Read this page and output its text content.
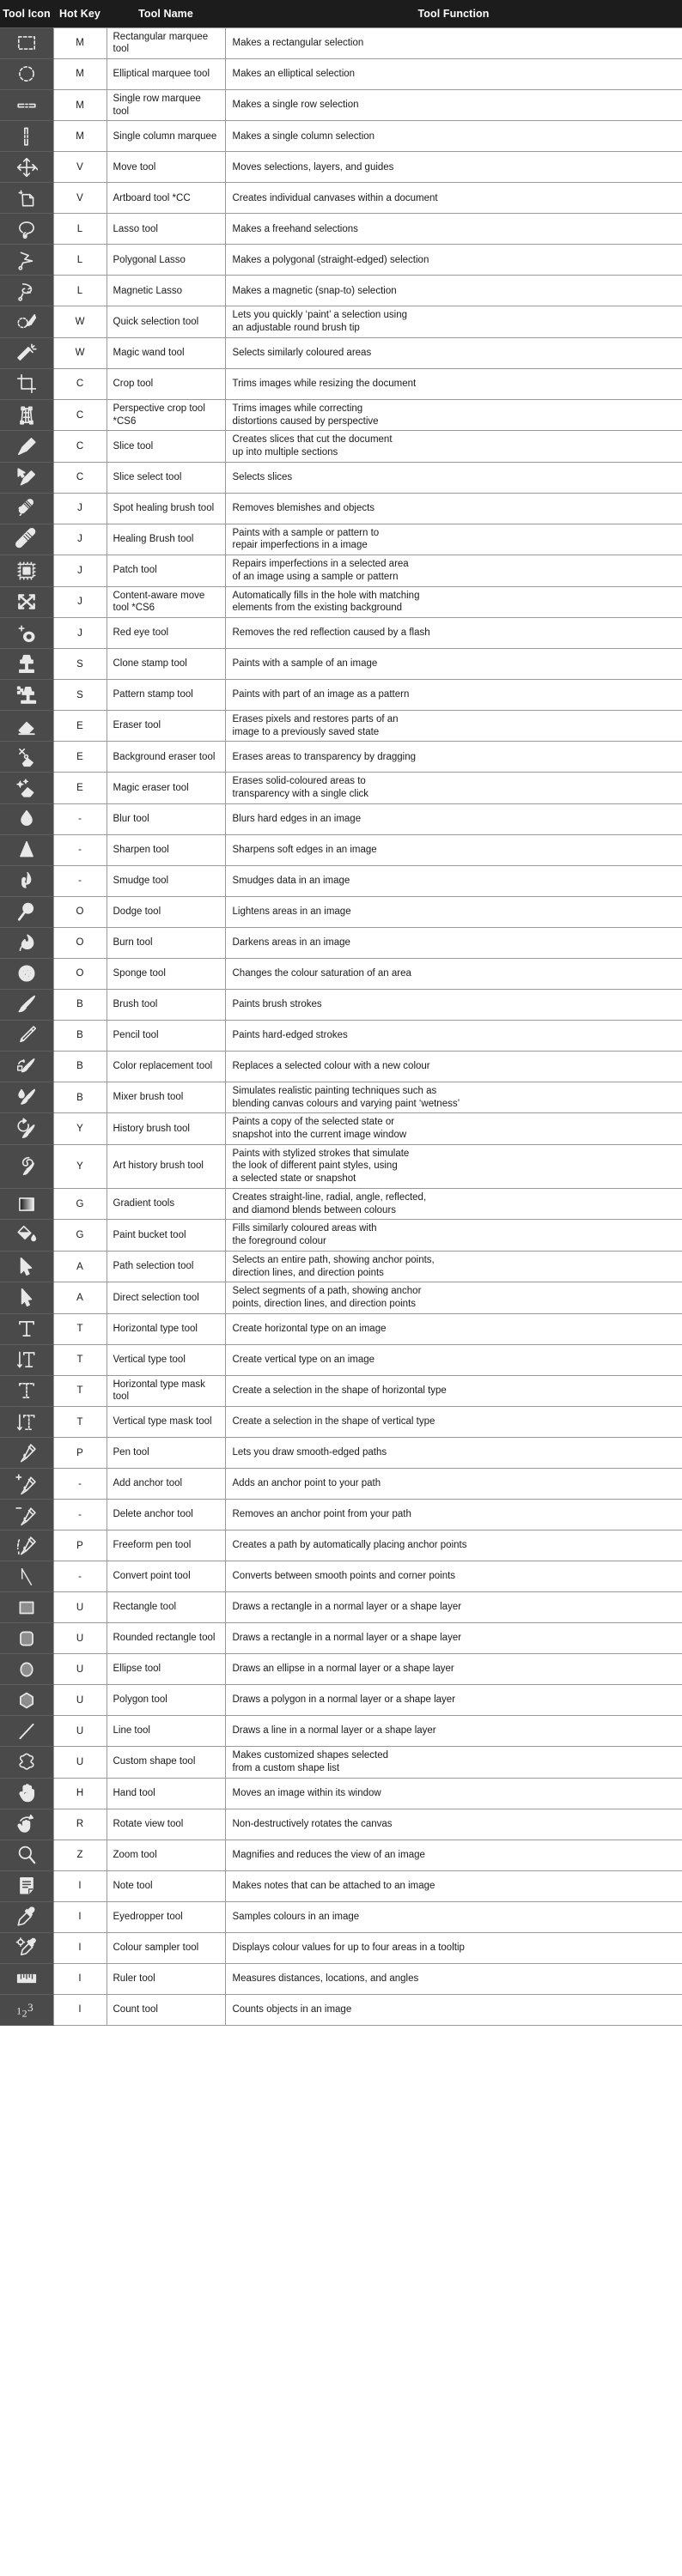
Tool Icon	Hot Key	Tool Name	Tool Function
	M	Rectangular marquee tool	Makes a rectangular selection

	M	Elliptical marquee tool	Makes an elliptical selection

	M	Single row marquee tool	Makes a single row selection

	M	Single column marquee	Makes a single column selection

	V	Move tool	Moves selections, layers, and guides

	V	Artboard tool *CC	Creates individual canvases within a document

	L	Lasso tool	Makes a freehand selections

	L	Polygonal Lasso	Makes a polygonal (straight-edged) selection

	L	Magnetic Lasso	Makes a magnetic (snap-to) selection

	W	Quick selection tool	Lets you quickly ‘paint’ a selection using
an adjustable round brush tip

	W	Magic wand tool	Selects similarly coloured areas

	C	Crop tool	Trims images while resizing the document

	C	Perspective crop tool *CS6	Trims images while correcting
distortions caused by perspective

	C	Slice tool	Creates slices that cut the document
up into multiple sections

	C	Slice select tool	Selects slices

	J	Spot healing brush tool	Removes blemishes and objects

	J	Healing Brush tool	Paints with a sample or pattern to
repair imperfections in a image

	J	Patch tool	Repairs imperfections in a selected area
of an image using a sample or pattern

	J	Content-aware move tool *CS6	Automatically fills in the hole with matching
elements from the existing background

	J	Red eye tool	Removes the red reflection caused by a flash

	S	Clone stamp tool	Paints with a sample of an image

	S	Pattern stamp tool	Paints with part of an image as a pattern

	E	Eraser tool	Erases pixels and restores parts of an
image to a previously saved state

	E	Background eraser tool	Erases areas to transparency by dragging

	E	Magic eraser tool	Erases solid-coloured areas to
transparency with a single click

	-	Blur tool	Blurs hard edges in an image

	-	Sharpen tool	Sharpens soft edges in an image

	-	Smudge tool	Smudges data in an image

	O	Dodge tool	Lightens areas in an image

	O	Burn tool	Darkens areas in an image

	O	Sponge tool	Changes the colour saturation of an area

	B	Brush tool	Paints brush strokes

	B	Pencil tool	Paints hard-edged strokes

	B	Color replacement tool	Replaces a selected colour with a new colour

	B	Mixer brush tool	Simulates realistic painting techniques such as
blending canvas colours and varying paint ‘wetness’

	Y	History brush tool	Paints a copy of the selected state or
snapshot into the current image window

	Y	Art history brush tool	Paints with stylized strokes that simulate
the look of different paint styles, using
a selected state or snapshot

	G	Gradient tools	Creates straight-line, radial, angle, reflected,
and diamond blends between colours

	G	Paint bucket tool	Fills similarly coloured areas with
the foreground colour

	A	Path selection tool	Selects an entire path, showing anchor points,
direction lines, and direction points

	A	Direct selection tool	Select segments of a path, showing anchor
points, direction lines, and direction points

	T	Horizontal type tool	Create horizontal type on an image

	T	Vertical type tool	Create vertical type on an image

	T	Horizontal type mask tool	Create a selection in the shape of horizontal type

	T	Vertical type mask tool	Create a selection in the shape of vertical type

	P	Pen tool	Lets you draw smooth-edged paths

	-	Add anchor tool	Adds an anchor point to your path

	-	Delete anchor tool	Removes an anchor point from your path

	P	Freeform pen tool	Creates a path by automatically placing anchor points

	-	Convert point tool	Converts between smooth points and corner points

	U	Rectangle tool	Draws a rectangle in a normal layer or a shape layer

	U	Rounded rectangle tool	Draws a rectangle in a normal layer or a shape layer

	U	Ellipse tool	Draws an ellipse in a normal layer or a shape layer

	U	Polygon tool	Draws a polygon in a normal layer or a shape layer

	U	Line tool	Draws a line in a normal layer or a shape layer

	U	Custom shape tool	Makes customized shapes selected
from a custom shape list

	H	Hand tool	Moves an image within its window

	R	Rotate view tool	Non-destructively rotates the canvas

	Z	Zoom tool	Magnifies and reduces the view of an image

	I	Note tool	Makes notes that can be attached to an image

	I	Eyedropper tool	Samples colours in an image

	I	Colour sampler tool	Displays colour values for up to four areas in a tooltip

	I	Ruler tool	Measures distances, locations, and angles

1 2 3	I	Count tool	Counts objects in an image
